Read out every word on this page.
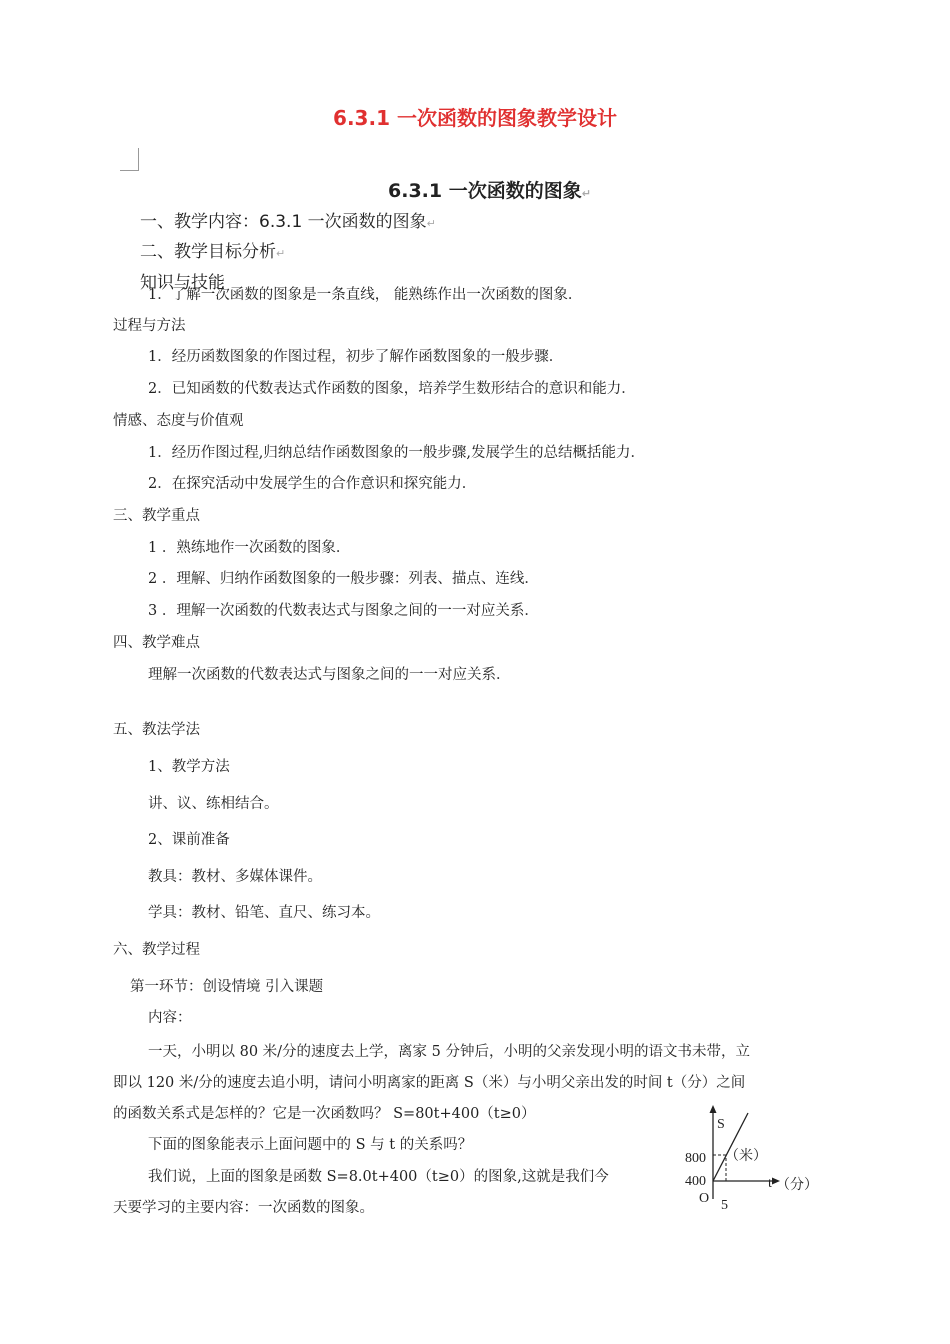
6.3.1 一次函数的图象教学设计
6.3.1 一次函数的图象↵
一、教学内容：6.3.1 一次函数的图象↵
二、教学目标分析↵
知识与技能
1．了解一次函数的图象是一条直线， 能熟练作出一次函数的图象．
过程与方法
1．经历函数图象的作图过程，初步了解作函数图象的一般步骤．
2．已知函数的代数表达式作函数的图象，培养学生数形结合的意识和能力．
情感、态度与价值观
1．经历作图过程,归纳总结作函数图象的一般步骤,发展学生的总结概括能力．
2．在探究活动中发展学生的合作意识和探究能力．
三、教学重点
1 ．熟练地作一次函数的图象．
2 ．理解、归纳作函数图象的一般步骤：列表、描点、连线．
3 ．理解一次函数的代数表达式与图象之间的一一对应关系．
四、教学难点
理解一次函数的代数表达式与图象之间的一一对应关系．
五、教法学法
1、教学方法
讲、议、练相结合。
2、课前准备
教具：教材、多媒体课件。
学具：教材、铅笔、直尺、练习本。
六、教学过程
第一环节：创设情境 引入课题
内容：
一天，小明以 80 米/分的速度去上学，离家 5 分钟后，小明的父亲发现小明的语文书未带，立
即以 120 米/分的速度去追小明，请问小明离家的距离 S（米）与小明父亲出发的时间 t（分）之间
的函数关系式是怎样的？它是一次函数吗？ S=80t+400（t≥0）
下面的图象能表示上面问题中的 S 与 t 的关系吗？
我们说，上面的图象是函数 S=8.0t+400（t≥0）的图象,这就是我们今
天要学习的主要内容：一次函数的图象。
S
（米）
800
400
O 5
t （分）
